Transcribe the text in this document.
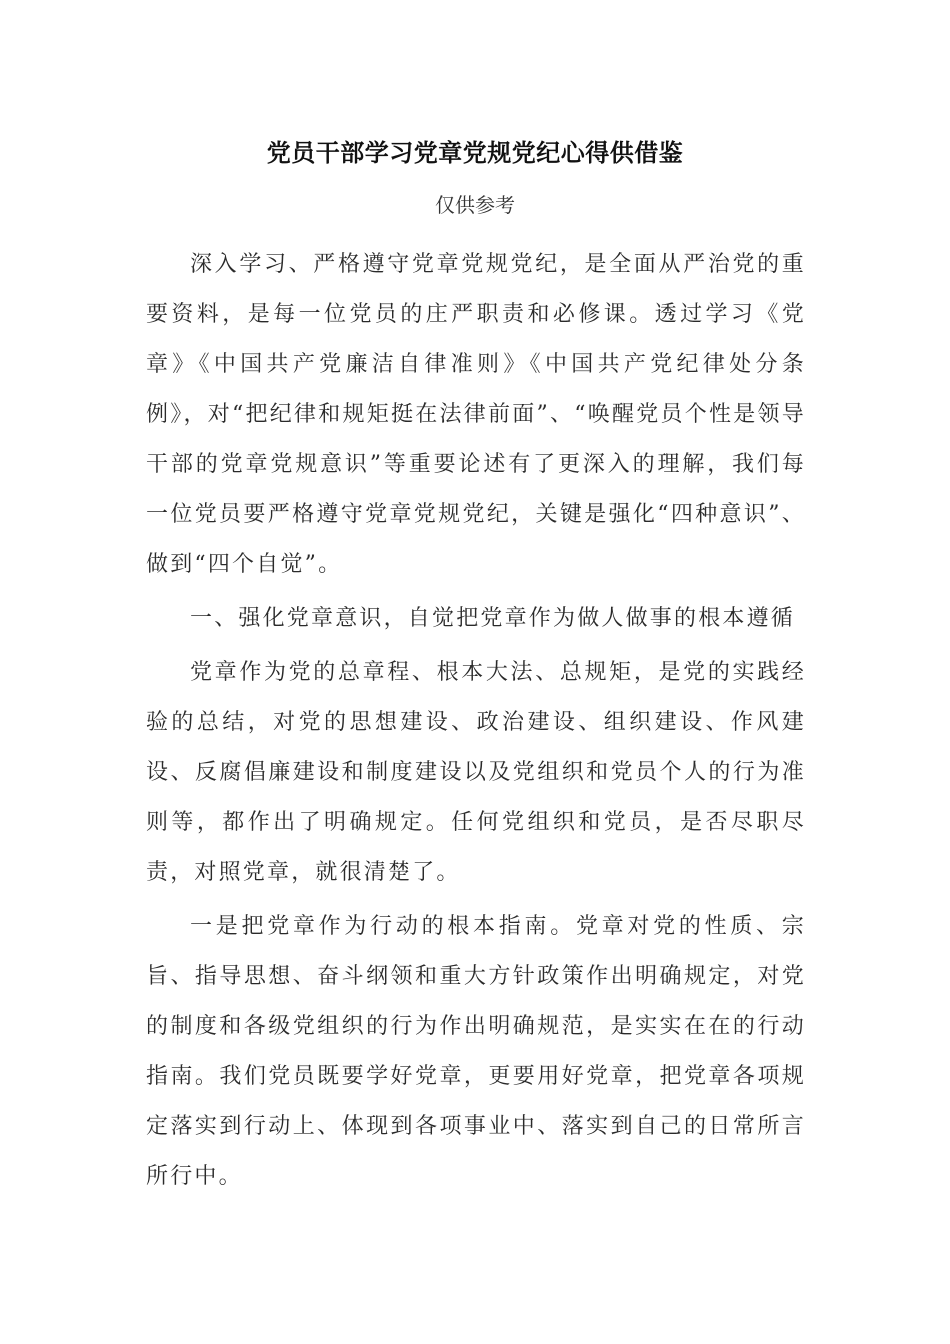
党员干部学习党章党规党纪心得供借鉴
仅供参考

深入学习、严格遵守党章党规党纪，是全面从严治党的重要资料，是每一位党员的庄严职责和必修课。透过学习《党章》《中国共产党廉洁自律准则》《中国共产党纪律处分条例》，对“把纪律和规矩挺在法律前面”、“唤醒党员个性是领导干部的党章党规意识”等重要论述有了更深入的理解，我们每一位党员要严格遵守党章党规党纪，关键是强化“四种意识”、做到“四个自觉”。

一、强化党章意识，自觉把党章作为做人做事的根本遵循

党章作为党的总章程、根本大法、总规矩，是党的实践经验的总结，对党的思想建设、政治建设、组织建设、作风建设、反腐倡廉建设和制度建设以及党组织和党员个人的行为准则等，都作出了明确规定。任何党组织和党员，是否尽职尽责，对照党章，就很清楚了。

一是把党章作为行动的根本指南。党章对党的性质、宗旨、指导思想、奋斗纲领和重大方针政策作出明确规定，对党的制度和各级党组织的行为作出明确规范，是实实在在的行动指南。我们党员既要学好党章，更要用好党章，把党章各项规定落实到行动上、体现到各项事业中、落实到自己的日常所言所行中。
